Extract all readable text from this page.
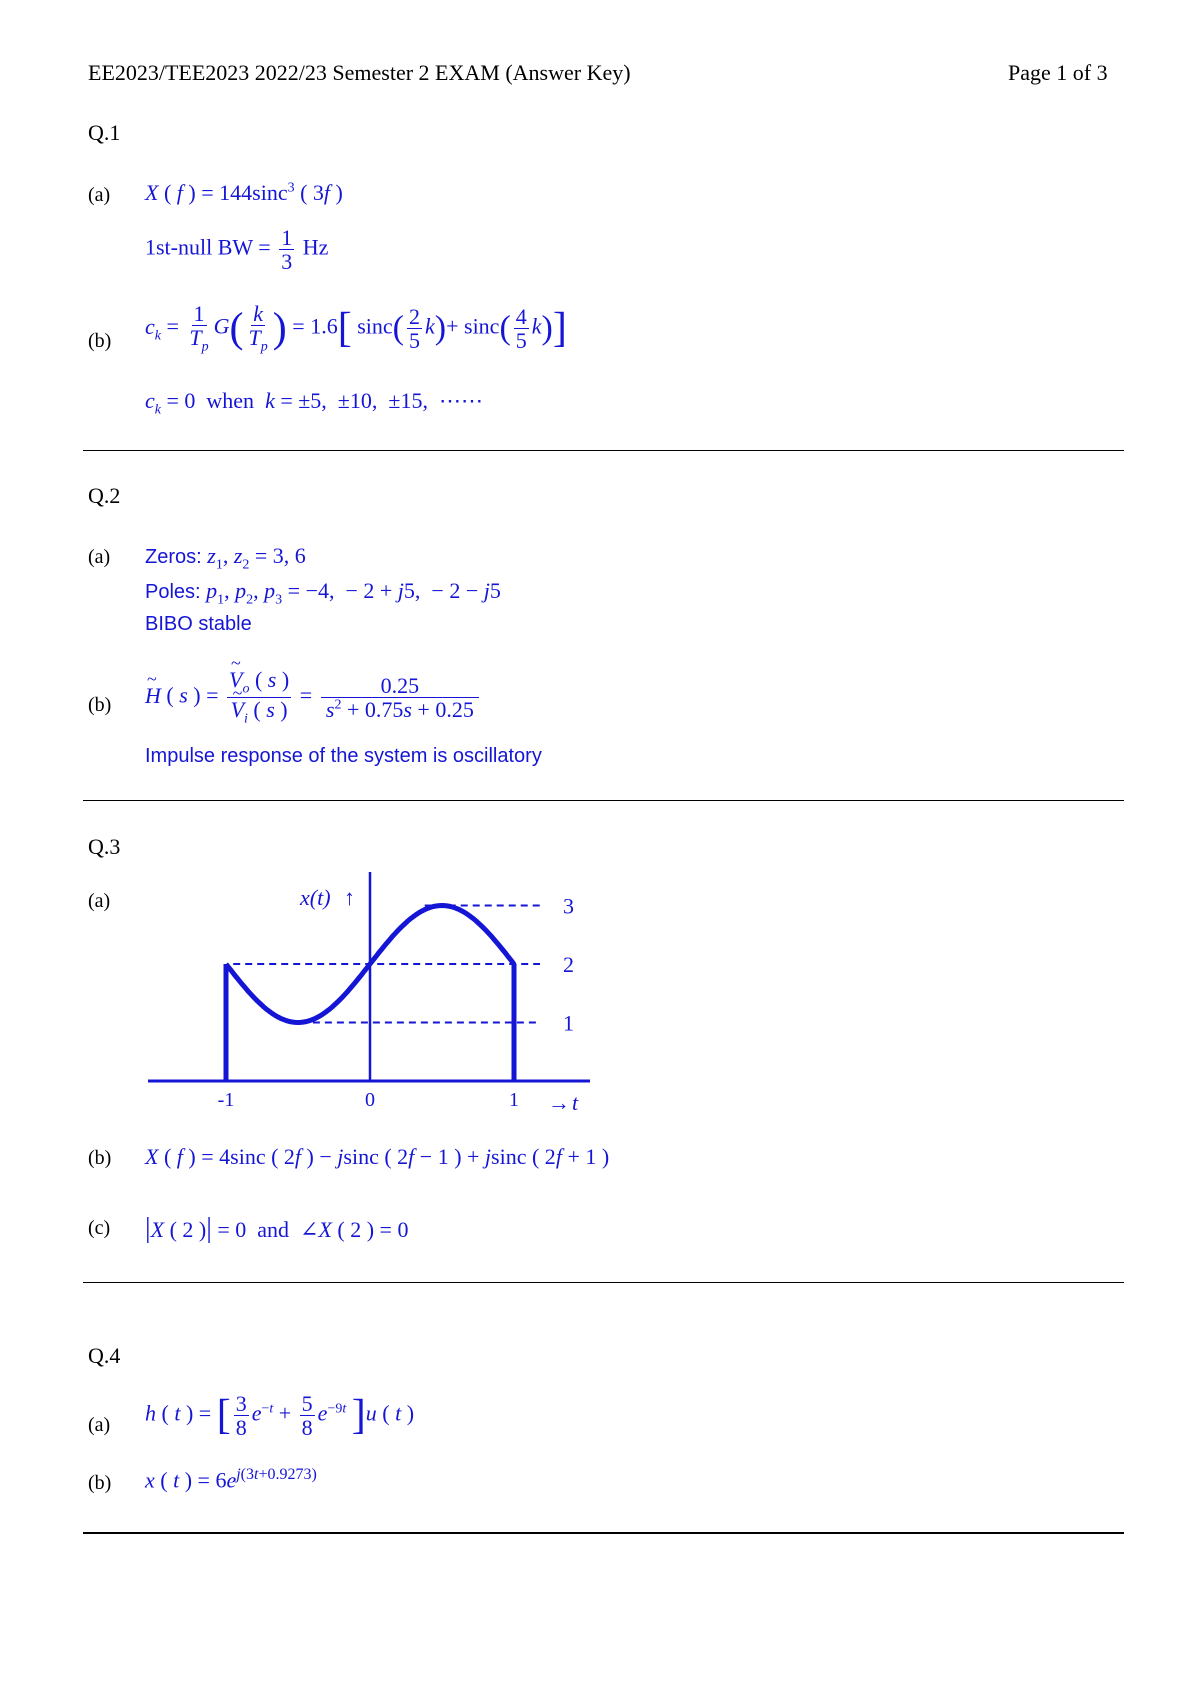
EE2023/TEE2023 2022/23 Semester 2 EXAM (Answer Key)	Page 1 of 3
Q.1
(a) X ( f ) = 144sinc$^3$ ( 3f )
1st-null BW = $\frac{1}{3}$ Hz
(b)
$c_k = \frac{1}{T_p} G( \frac{k}{T_p}$ ) = 1.6[ $\sin c( \frac{2}{5} k)+ \sin c( \frac{4}{5} k)$]
$c_k = 0$  when k = ±5,  ±10,  ±15,  ⋯⋯
Q.2
(a) Zeros: $z_1$, $z_2 = 3$, 6
Poles: $p_1$, $p_2$, $p_3 = -4$,  − 2 + j5,  − 2 − j5
BIBO stable
(b) ~ H ( s ) = ~ $V_o$ ( s )
~ $V_i$ ( s ) = $\frac{0.25}{s^2 + 0.75s + 0.25}$
Impulse response of the system is oscillatory
Q.3
(a)	3
2
1
-1	0	1 → t
x(t) ↑
(b) X ( f ) = 4sinc ( 2f ) − jsinc ( 2f − 1 ) + jsinc ( 2f + 1 )
(c) |X ( 2 )| = 0  and  ∠X ( 2 ) = 0
Q.4
(a) h ( t ) = [ $\frac{3}{8} e^{-t} + \frac{5}{8} e^{-9t}$ ]u ( t )
(b) x ( t ) = $6e^{j(3t+0.9273)}$
